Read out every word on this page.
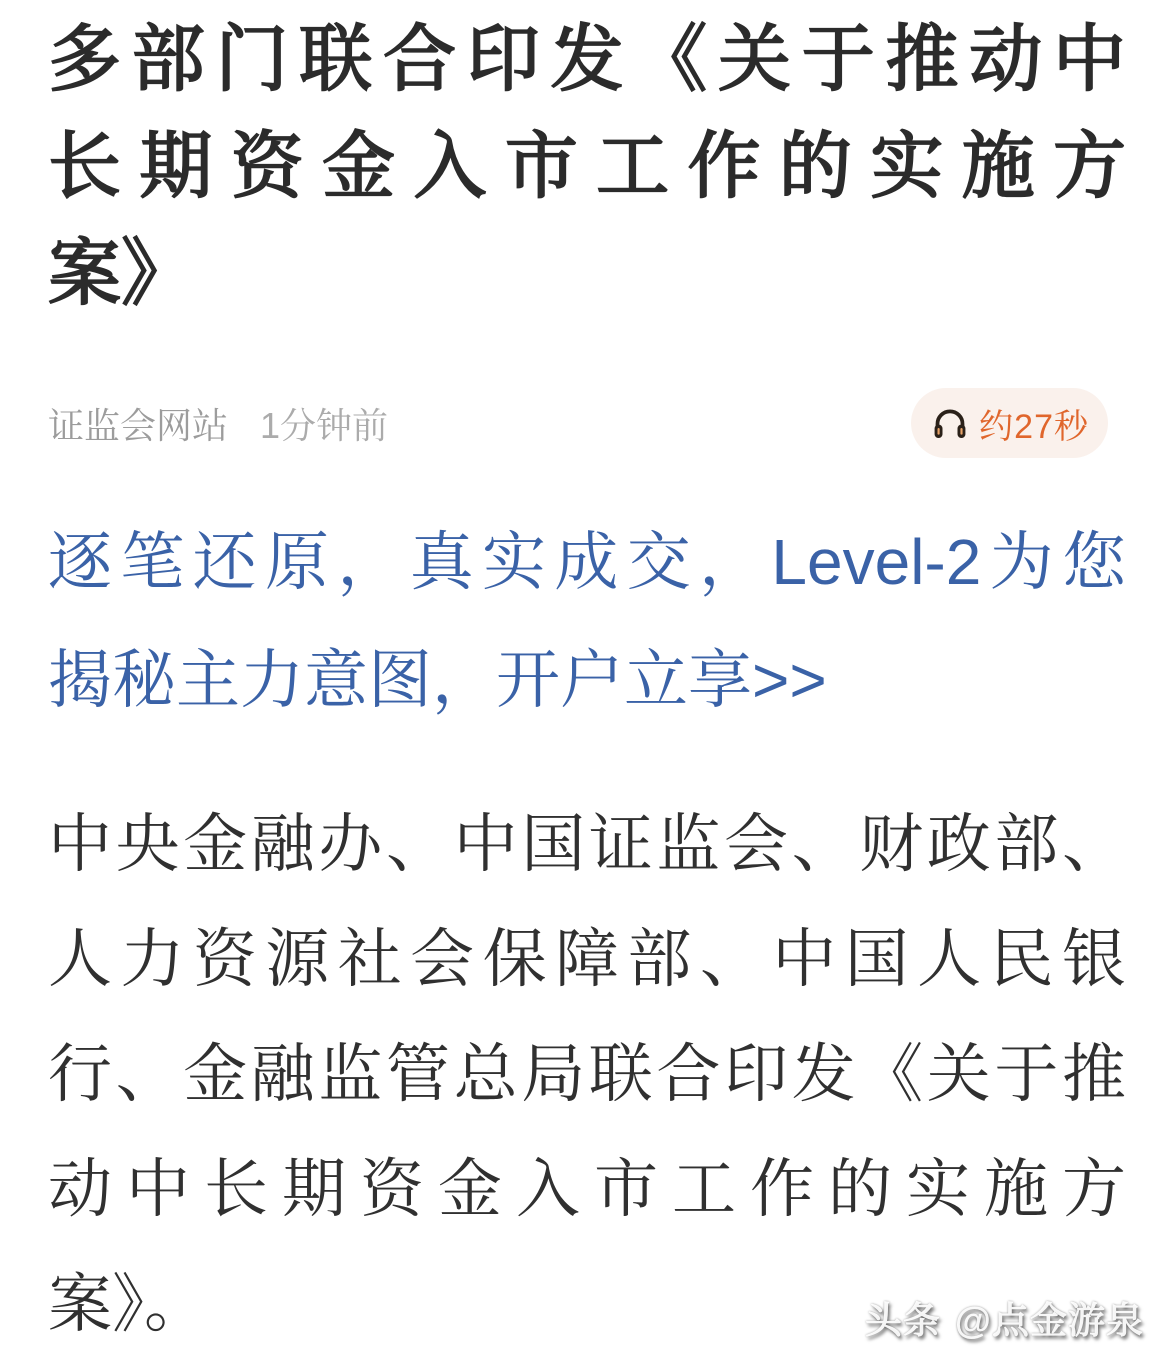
多部门联合印发《关于推动中
长期资金入市工作的实施方
案》
证监会网站 1分钟前	约27秒
逐笔还原，真实成交，Level-2为您
揭秘主力意图，开户立享>>
中央金融办、中国证监会、财政部、
人力资源社会保障部、中国人民银
行、金融监管总局联合印发《关于推
动中长期资金入市工作的实施方
案》。	头条 @点金游泉
